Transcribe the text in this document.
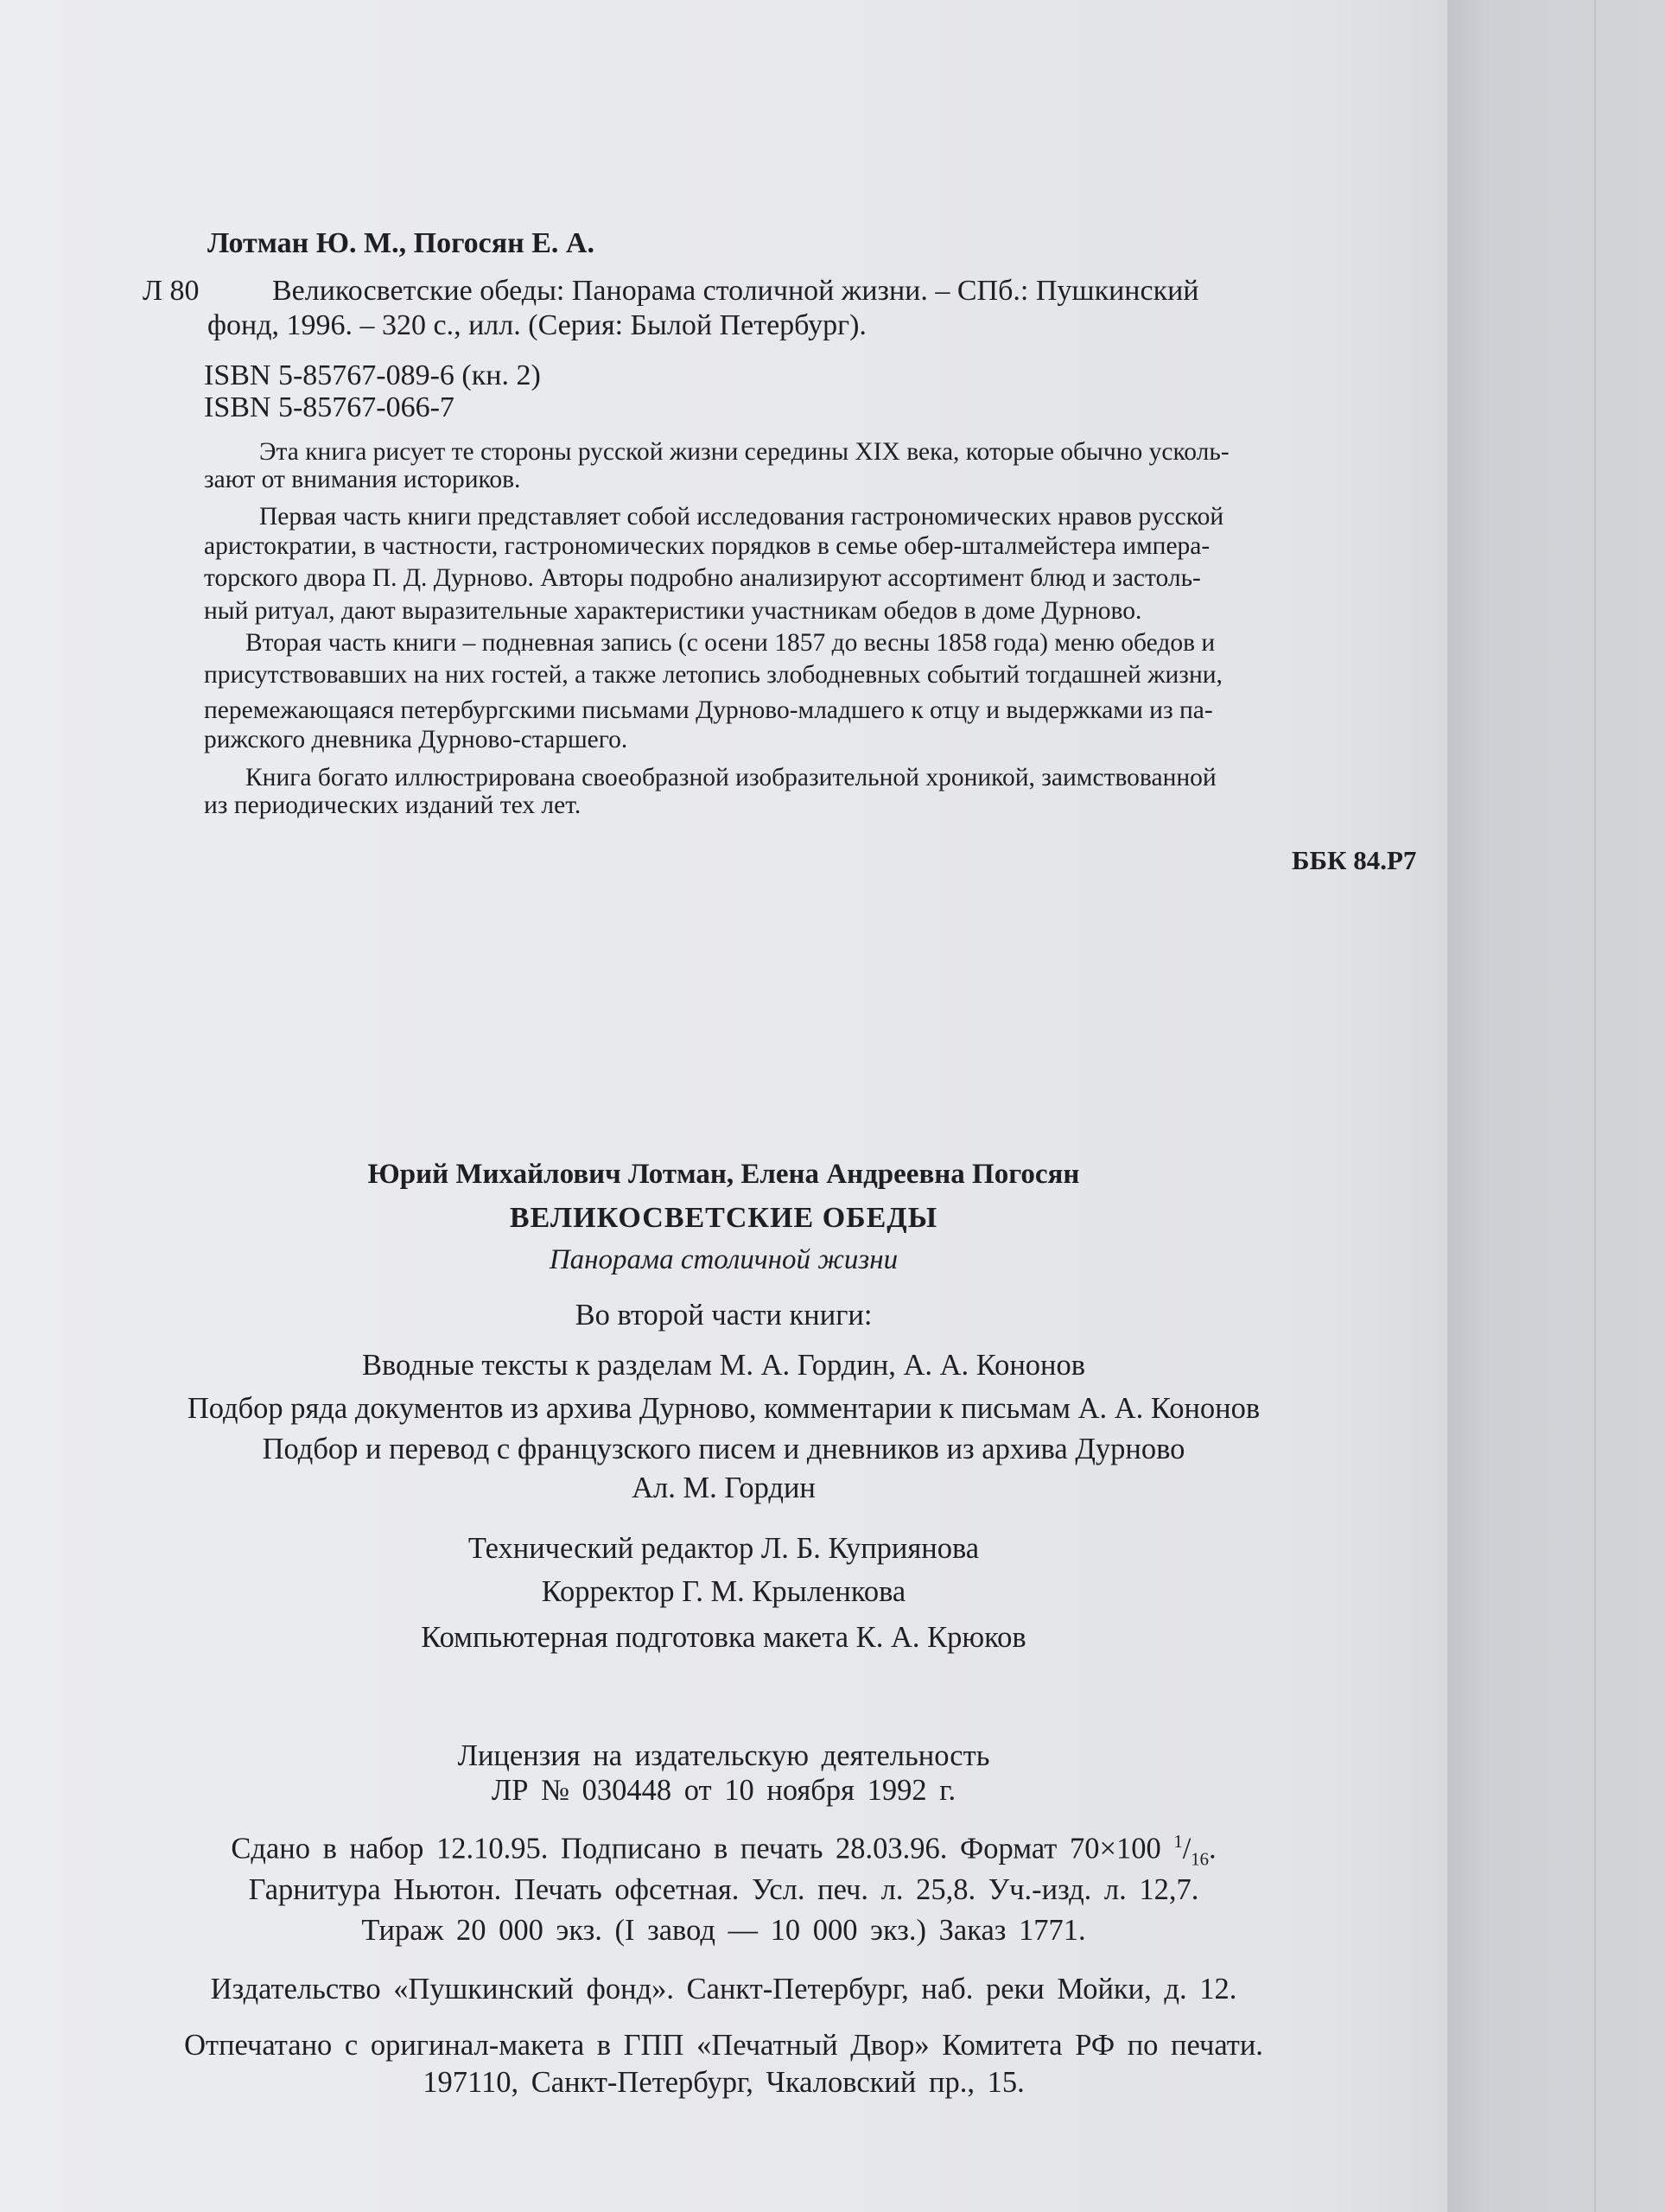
Лотман Ю. М., Погосян Е. А.
Л 80 Великосветские обеды: Панорама столичной жизни. – СПб.: Пушкинский
фонд, 1996. – 320 с., илл. (Серия: Былой Петербург).
ISBN 5-85767-089-6 (кн. 2)
ISBN 5-85767-066-7
Эта книга рисует те стороны русской жизни середины XIX века, которые обычно усколь-
зают от внимания историков.
Первая часть книги представляет собой исследования гастрономических нравов русской
аристократии, в частности, гастрономических порядков в семье обер-шталмейстера импера-
торского двора П. Д. Дурново. Авторы подробно анализируют ассортимент блюд и застоль-
ный ритуал, дают выразительные характеристики участникам обедов в доме Дурново.
Вторая часть книги – подневная запись (с осени 1857 до весны 1858 года) меню обедов и
присутствовавших на них гостей, а также летопись злободневных событий тогдашней жизни,
перемежающаяся петербургскими письмами Дурново-младшего к отцу и выдержками из па-
рижского дневника Дурново-старшего.
Книга богато иллюстрирована своеобразной изобразительной хроникой, заимствованной
из периодических изданий тех лет.
ББК 84.Р7
Юрий Михайлович Лотман, Елена Андреевна Погосян
ВЕЛИКОСВЕТСКИЕ ОБЕДЫ
Панорама столичной жизни
Во второй части книги:
Вводные тексты к разделам М. А. Гордин, А. А. Кононов
Подбор ряда документов из архива Дурново, комментарии к письмам А. А. Кононов
Подбор и перевод с французского писем и дневников из архива Дурново
Ал. М. Гордин
Технический редактор Л. Б. Куприянова
Корректор Г. М. Крыленкова
Компьютерная подготовка макета К. А. Крюков
Лицензия на издательскую деятельность
ЛР № 030448 от 10 ноября 1992 г.
Сдано в набор 12.10.95. Подписано в печать 28.03.96. Формат 70×100 $^1/_{16}$.
Гарнитура Ньютон. Печать офсетная. Усл. печ. л. 25,8. Уч.-изд. л. 12,7.
Тираж 20 000 экз. (I завод — 10 000 экз.) Заказ 1771.
Издательство «Пушкинский фонд». Санкт-Петербург, наб. реки Мойки, д. 12.
Отпечатано с оригинал-макета в ГПП «Печатный Двор» Комитета РФ по печати.
197110, Санкт-Петербург, Чкаловский пр., 15.
